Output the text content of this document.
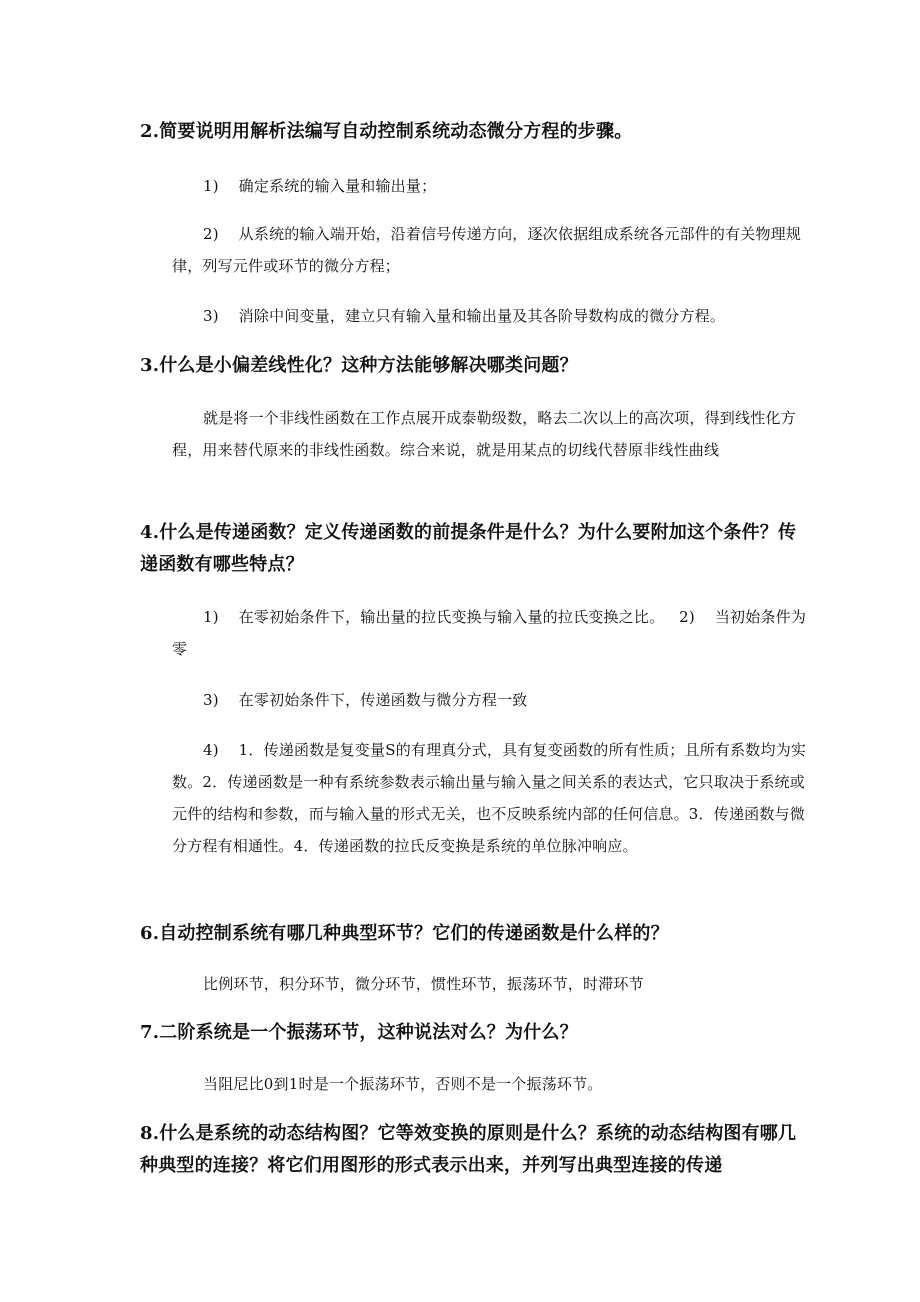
2.简要说明用解析法编写自动控制系统动态微分方程的步骤。
1)    确定系统的输入量和输出量；
2)    从系统的输入端开始，沿着信号传递方向，逐次依据组成系统各元部件的有关物理规律，列写元件或环节的微分方程；
3)    消除中间变量，建立只有输入量和输出量及其各阶导数构成的微分方程。
3.什么是小偏差线性化？这种方法能够解决哪类问题？
就是将一个非线性函数在工作点展开成泰勒级数，略去二次以上的高次项，得到线性化方程，用来替代原来的非线性函数。综合来说，就是用某点的切线代替原非线性曲线
4.什么是传递函数？定义传递函数的前提条件是什么？为什么要附加这个条件？传递函数有哪些特点？
1)    在零初始条件下，输出量的拉氏变换与输入量的拉氏变换之比。   2)    当初始条件为零
3)    在零初始条件下，传递函数与微分方程一致
4)    1．传递函数是复变量S的有理真分式，具有复变函数的所有性质；且所有系数均为实数。2．传递函数是一种有系统参数表示输出量与输入量之间关系的表达式，它只取决于系统或元件的结构和参数，而与输入量的形式无关，也不反映系统内部的任何信息。3．传递函数与微分方程有相通性。4．传递函数的拉氏反变换是系统的单位脉冲响应。
6.自动控制系统有哪几种典型环节？它们的传递函数是什么样的？
比例环节，积分环节，微分环节，惯性环节，振荡环节，时滞环节
7.二阶系统是一个振荡环节，这种说法对么？为什么？
当阻尼比0到1时是一个振荡环节，否则不是一个振荡环节。
8.什么是系统的动态结构图？它等效变换的原则是什么？系统的动态结构图有哪几种典型的连接？将它们用图形的形式表示出来，并列写出典型连接的传递
